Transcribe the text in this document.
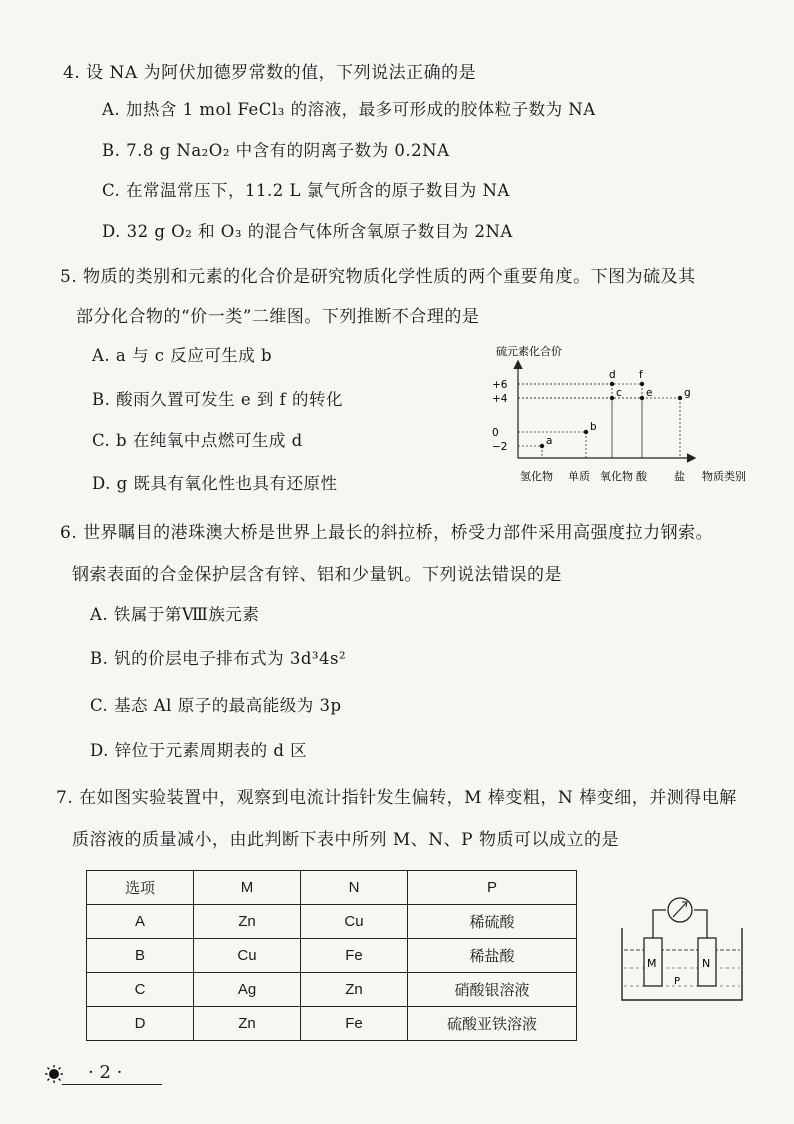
4. 设 NA 为阿伏加德罗常数的值，下列说法正确的是
A. 加热含 1 mol FeCl₃ 的溶液，最多可形成的胶体粒子数为 NA
B. 7.8 g Na₂O₂ 中含有的阴离子数为 0.2NA
C. 在常温常压下，11.2 L 氯气所含的原子数目为 NA
D. 32 g O₂ 和 O₃ 的混合气体所含氧原子数目为 2NA
5. 物质的类别和元素的化合价是研究物质化学性质的两个重要角度。下图为硫及其
部分化合物的“价一类”二维图。下列推断不合理的是
A. a 与 c 反应可生成 b
B. 酸雨久置可发生 e 到 f 的转化
C. b 在纯氧中点燃可生成 d
D. g 既具有氧化性也具有还原性
+6
+4
0
−2
氢化物 单质 氧化物 酸 盐
a
b
c
d
e
f
g
硫元素化合价
物质类别
6. 世界瞩目的港珠澳大桥是世界上最长的斜拉桥，桥受力部件采用高强度拉力钢索。
钢索表面的合金保护层含有锌、铝和少量钒。下列说法错误的是
A. 铁属于第Ⅷ族元素
B. 钒的价层电子排布式为 3d³4s²
C. 基态 Al 原子的最高能级为 3p
D. 锌位于元素周期表的 d 区
7. 在如图实验装置中，观察到电流计指针发生偏转，M 棒变粗，N 棒变细，并测得电解
质溶液的质量减小，由此判断下表中所列 M、N、P 物质可以成立的是
选项	M	N	P
A	Zn	Cu	稀硫酸
B	Cu	Fe	稀盐酸
C	Ag	Zn	硝酸银溶液
D	Zn	Fe	硫酸亚铁溶液
M	N
P
· 2 ·
